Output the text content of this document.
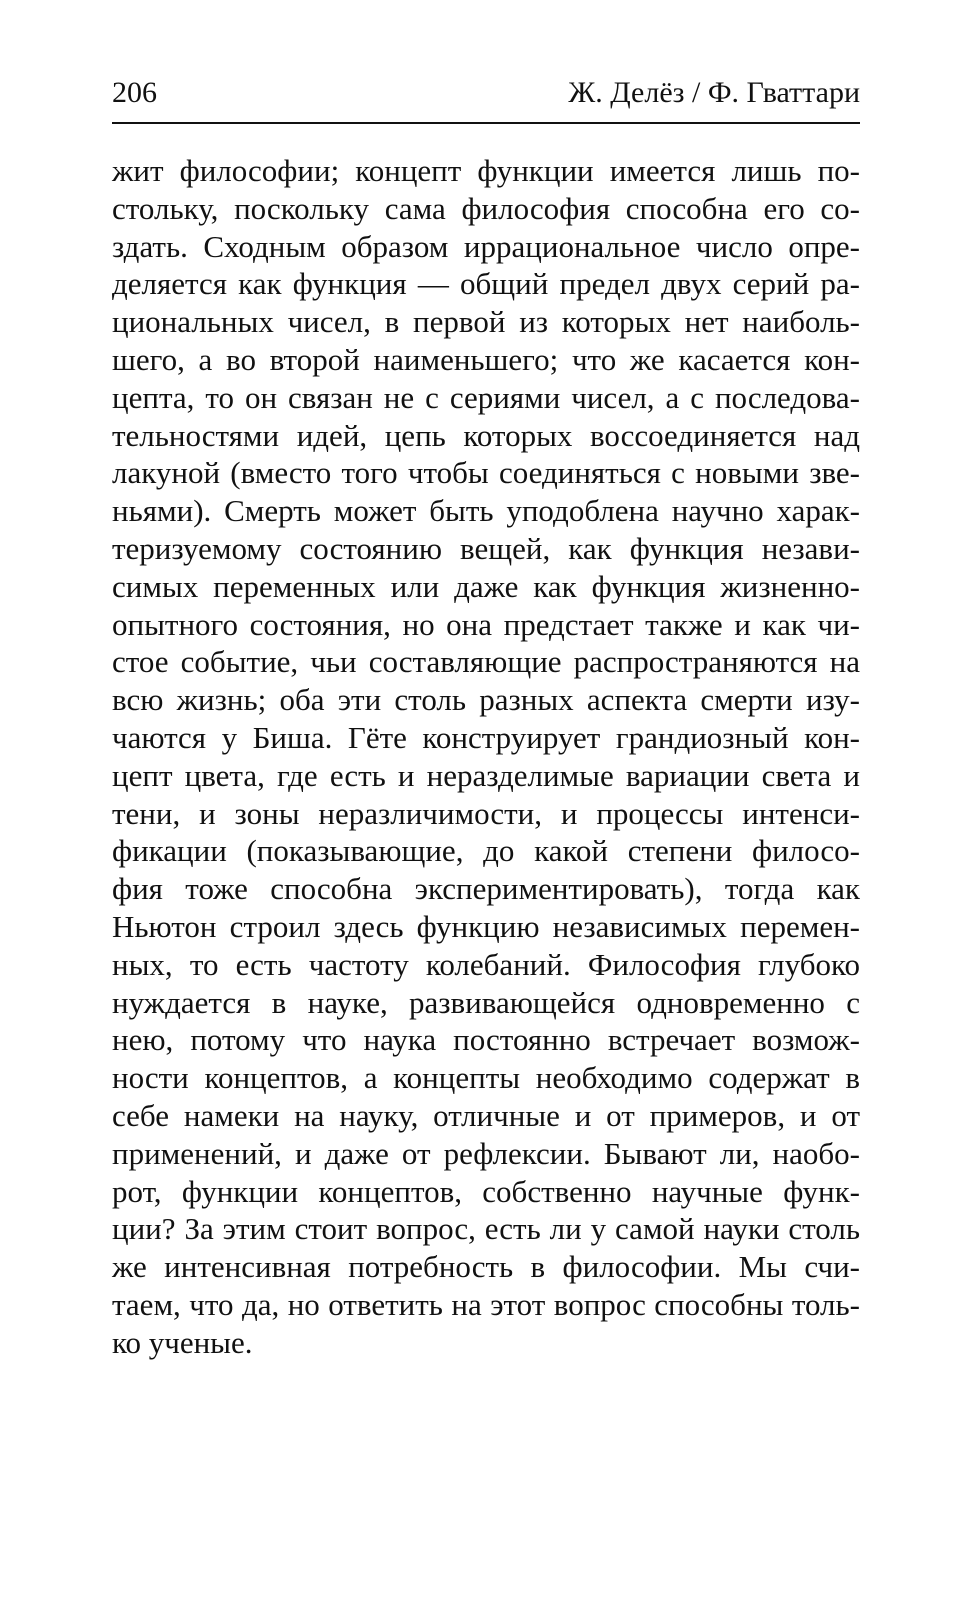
206	Ж. Делёз / Ф. Гваттари
жит философии; концепт функции имеется лишь по-
стольку, поскольку сама философия способна его со-
здать. Сходным образом иррациональное число опре-
деляется как функция — общий предел двух серий ра-
циональных чисел, в первой из которых нет наиболь-
шего, а во второй наименьшего; что же касается кон-
цепта, то он связан не с сериями чисел, а с последова-
тельностями идей, цепь которых воссоединяется над
лакуной (вместо того чтобы соединяться с новыми зве-
ньями). Смерть может быть уподоблена научно харак-
теризуемому состоянию вещей, как функция незави-
симых переменных или даже как функция жизненно-
опытного состояния, но она предстает также и как чи-
стое событие, чьи составляющие распространяются на
всю жизнь; оба эти столь разных аспекта смерти изу-
чаются у Биша. Гёте конструирует грандиозный кон-
цепт цвета, где есть и неразделимые вариации света и
тени, и зоны неразличимости, и процессы интенси-
фикации (показывающие, до какой степени филосо-
фия тоже способна экспериментировать), тогда как
Ньютон строил здесь функцию независимых перемен-
ных, то есть частоту колебаний. Философия глубоко
нуждается в науке, развивающейся одновременно с
нею, потому что наука постоянно встречает возмож-
ности концептов, а концепты необходимо содержат в
себе намеки на науку, отличные и от примеров, и от
применений, и даже от рефлексии. Бывают ли, наобо-
рот, функции концептов, собственно научные функ-
ции? За этим стоит вопрос, есть ли у самой науки столь
же интенсивная потребность в философии. Мы счи-
таем, что да, но ответить на этот вопрос способны толь-
ко ученые.
